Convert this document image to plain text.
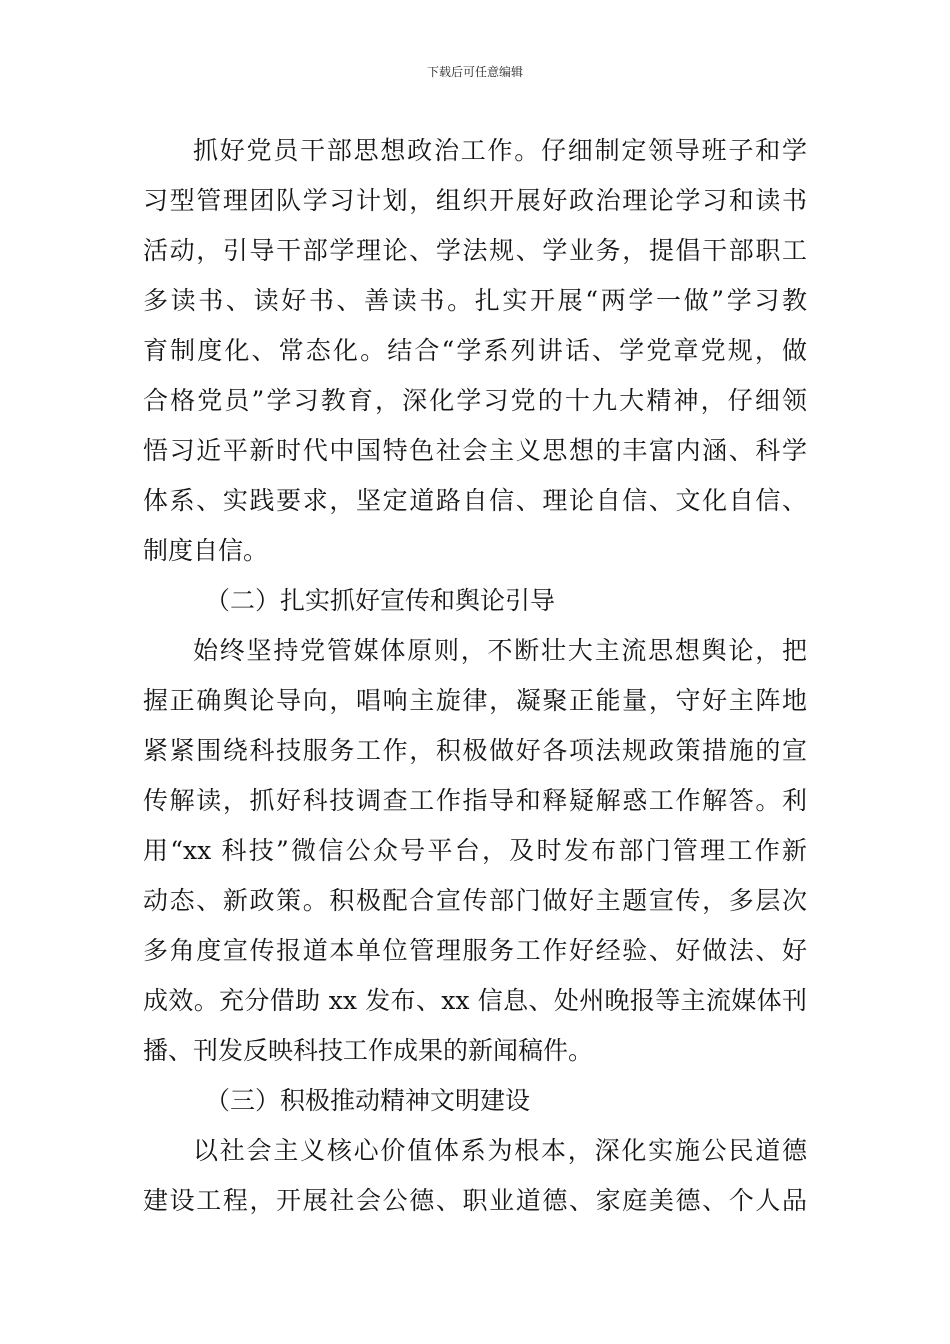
下载后可任意编辑
抓好党员干部思想政治工作。仔细制定领导班子和学
习型管理团队学习计划，组织开展好政治理论学习和读书
活动，引导干部学理论、学法规、学业务，提倡干部职工
多读书、读好书、善读书。扎实开展“两学一做”学习教
育制度化、常态化。结合“学系列讲话、学党章党规，做
合格党员”学习教育，深化学习党的十九大精神，仔细领
悟习近平新时代中国特色社会主义思想的丰富内涵、科学
体系、实践要求，坚定道路自信、理论自信、文化自信、
制度自信。
（二）扎实抓好宣传和舆论引导
始终坚持党管媒体原则，不断壮大主流思想舆论，把
握正确舆论导向，唱响主旋律，凝聚正能量，守好主阵地
紧紧围绕科技服务工作，积极做好各项法规政策措施的宣
传解读，抓好科技调查工作指导和释疑解惑工作解答。利
用“xx 科技”微信公众号平台，及时发布部门管理工作新
动态、新政策。积极配合宣传部门做好主题宣传，多层次
多角度宣传报道本单位管理服务工作好经验、好做法、好
成效。充分借助 xx 发布、xx 信息、处州晚报等主流媒体刊
播、刊发反映科技工作成果的新闻稿件。
（三）积极推动精神文明建设
以社会主义核心价值体系为根本，深化实施公民道德
建设工程，开展社会公德、职业道德、家庭美德、个人品
